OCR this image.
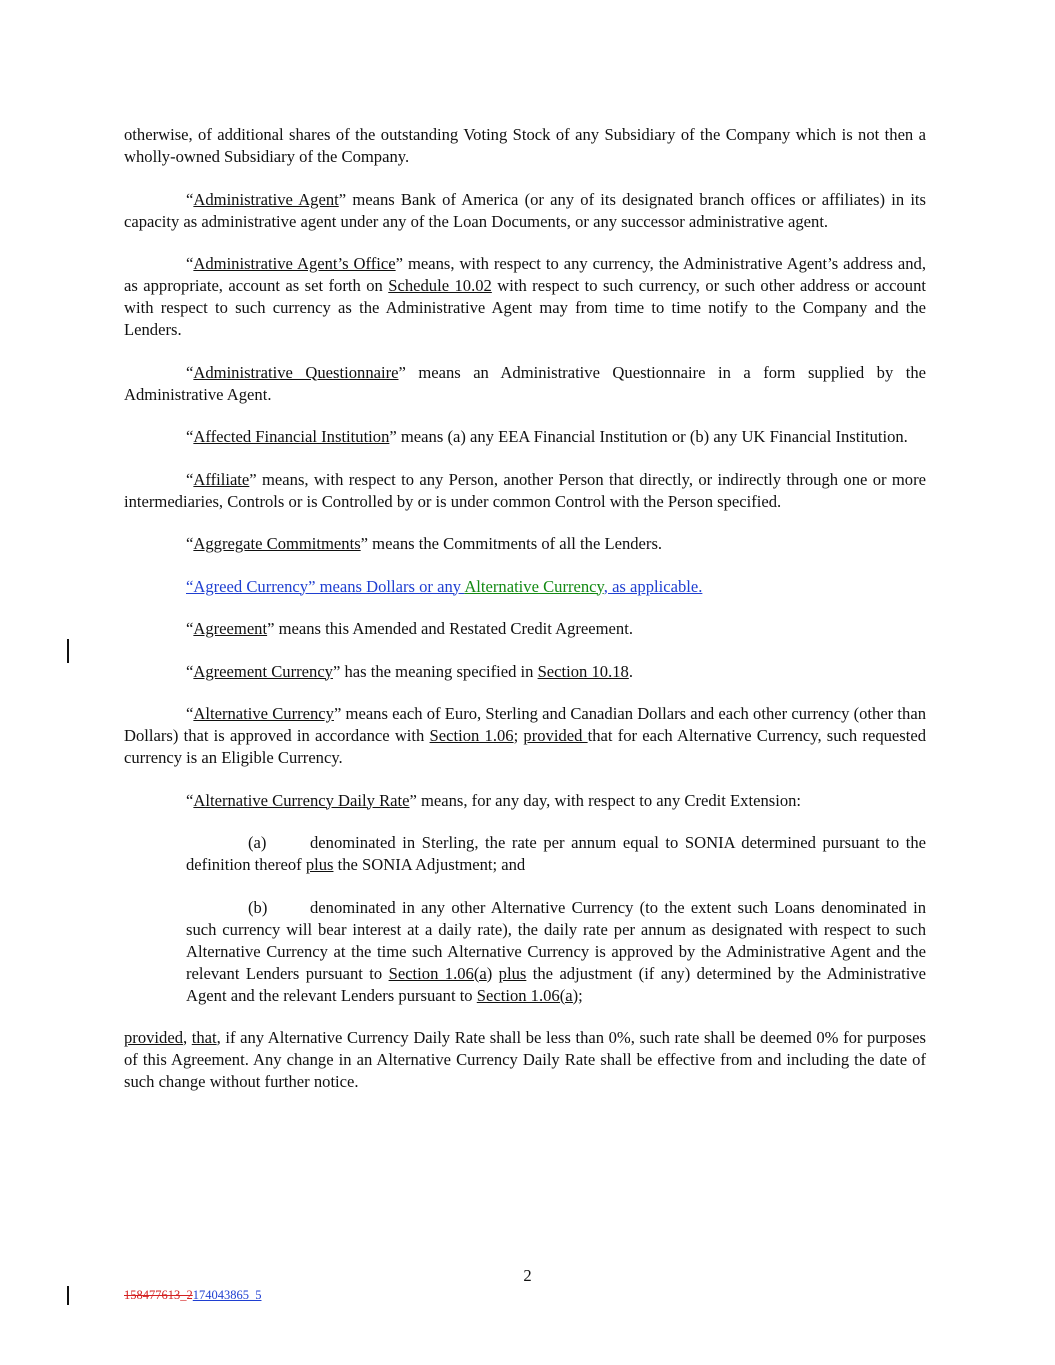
otherwise, of additional shares of the outstanding Voting Stock of any Subsidiary of the Company which is not then a wholly-owned Subsidiary of the Company.

“Administrative Agent” means Bank of America (or any of its designated branch offices or affiliates) in its capacity as administrative agent under any of the Loan Documents, or any successor administrative agent.

“Administrative Agent’s Office” means, with respect to any currency, the Administrative Agent’s address and, as appropriate, account as set forth on Schedule 10.02 with respect to such currency, or such other address or account with respect to such currency as the Administrative Agent may from time to time notify to the Company and the Lenders.

“Administrative Questionnaire” means an Administrative Questionnaire in a form supplied by the Administrative Agent.

“Affected Financial Institution” means (a) any EEA Financial Institution or (b) any UK Financial Institution.

“Affiliate” means, with respect to any Person, another Person that directly, or indirectly through one or more intermediaries, Controls or is Controlled by or is under common Control with the Person specified.

“Aggregate Commitments” means the Commitments of all the Lenders.

“Agreed Currency” means Dollars or any Alternative Currency, as applicable.

“Agreement” means this Amended and Restated Credit Agreement.

“Agreement Currency” has the meaning specified in Section 10.18.

“Alternative Currency” means each of Euro, Sterling and Canadian Dollars and each other currency (other than Dollars) that is approved in accordance with Section 1.06; provided that for each Alternative Currency, such requested currency is an Eligible Currency.

“Alternative Currency Daily Rate” means, for any day, with respect to any Credit Extension:

(a)	denominated in Sterling, the rate per annum equal to SONIA determined pursuant to the definition thereof plus the SONIA Adjustment; and

(b)	denominated in any other Alternative Currency (to the extent such Loans denominated in such currency will bear interest at a daily rate), the daily rate per annum as designated with respect to such Alternative Currency at the time such Alternative Currency is approved by the Administrative Agent and the relevant Lenders pursuant to Section 1.06(a) plus the adjustment (if any) determined by the Administrative Agent and the relevant Lenders pursuant to Section 1.06(a);

provided, that, if any Alternative Currency Daily Rate shall be less than 0%, such rate shall be deemed 0% for purposes of this Agreement. Any change in an Alternative Currency Daily Rate shall be effective from and including the date of such change without further notice.

2
158477613_2174043865_5
